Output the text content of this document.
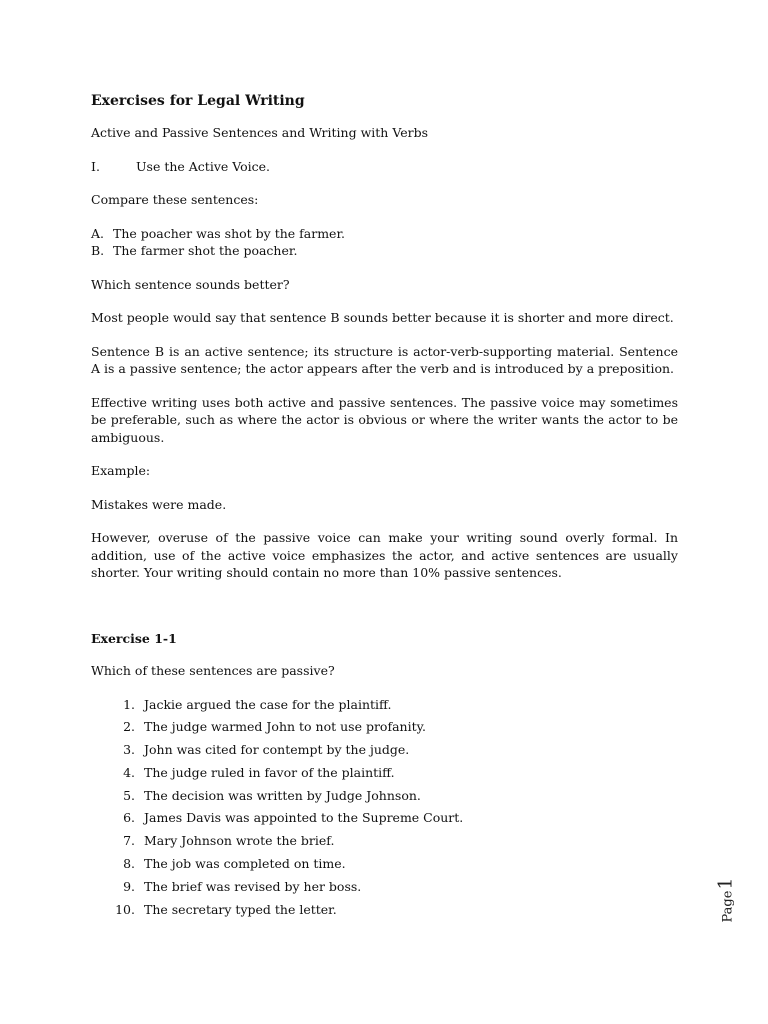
Exercises for Legal Writing

Active and Passive Sentences and Writing with Verbs

I.	Use the Active Voice.

Compare these sentences:

A. The poacher was shot by the farmer.
B. The farmer shot the poacher.

Which sentence sounds better?

Most people would say that sentence B sounds better because it is shorter and more direct.

Sentence B is an active sentence; its structure is actor-verb-supporting material. Sentence A is a passive sentence; the actor appears after the verb and is introduced by a preposition.

Effective writing uses both active and passive sentences. The passive voice may sometimes be preferable, such as where the actor is obvious or where the writer wants the actor to be ambiguous.

Example:

Mistakes were made.

However, overuse of the passive voice can make your writing sound overly formal. In addition, use of the active voice emphasizes the actor, and active sentences are usually shorter. Your writing should contain no more than 10% passive sentences.

Exercise 1-1

Which of these sentences are passive?

1. Jackie argued the case for the plaintiff.
2. The judge warmed John to not use profanity.
3. John was cited for contempt by the judge.
4. The judge ruled in favor of the plaintiff.
5. The decision was written by Judge Johnson.
6. James Davis was appointed to the Supreme Court.
7. Mary Johnson wrote the brief.
8. The job was completed on time.
9. The brief was revised by her boss.
10. The secretary typed the letter.	Page1
